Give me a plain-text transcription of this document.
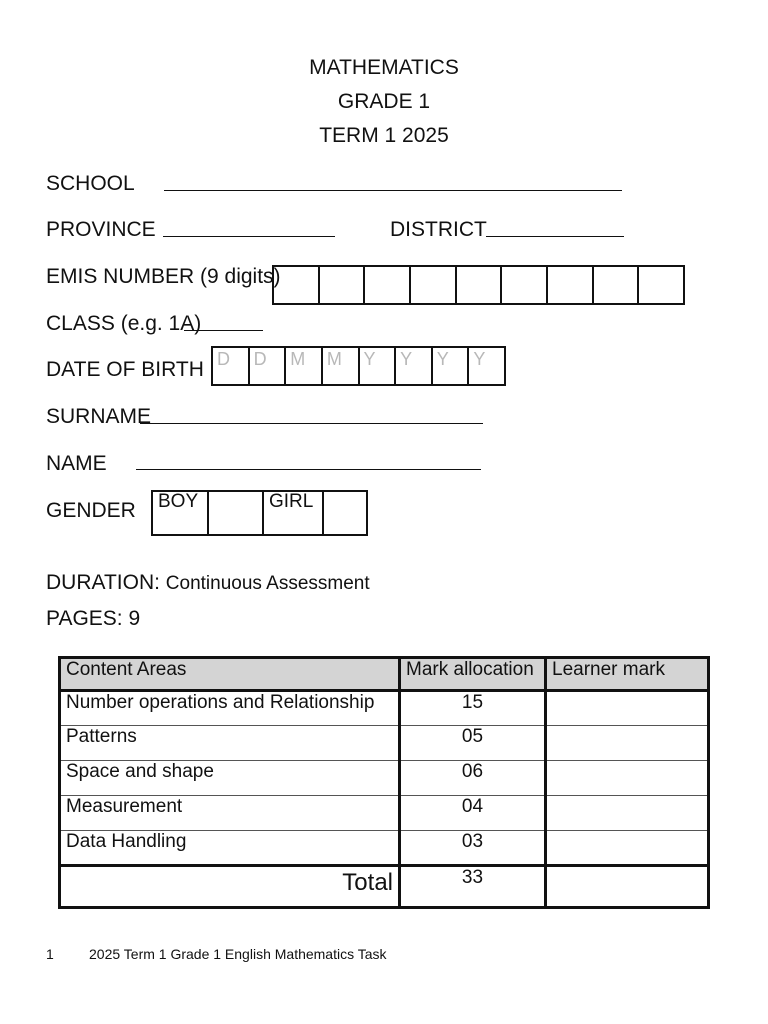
MATHEMATICS
GRADE 1
TERM 1 2025
SCHOOL
PROVINCE	DISTRICT
EMIS NUMBER (9 digits)
CLASS (e.g. 1A)
DATE OF BIRTH D	D	M	M	Y	Y	Y	Y
SURNAME
NAME
GENDER BOY	GIRL
DURATION: Continuous Assessment
PAGES: 9
Content Areas	Mark allocation	Learner mark
Number operations and Relationship	15	
Patterns	05	
Space and shape	06	
Measurement	04	
Data Handling	03	
Total	33	
1	2025 Term 1 Grade 1 English Mathematics Task
